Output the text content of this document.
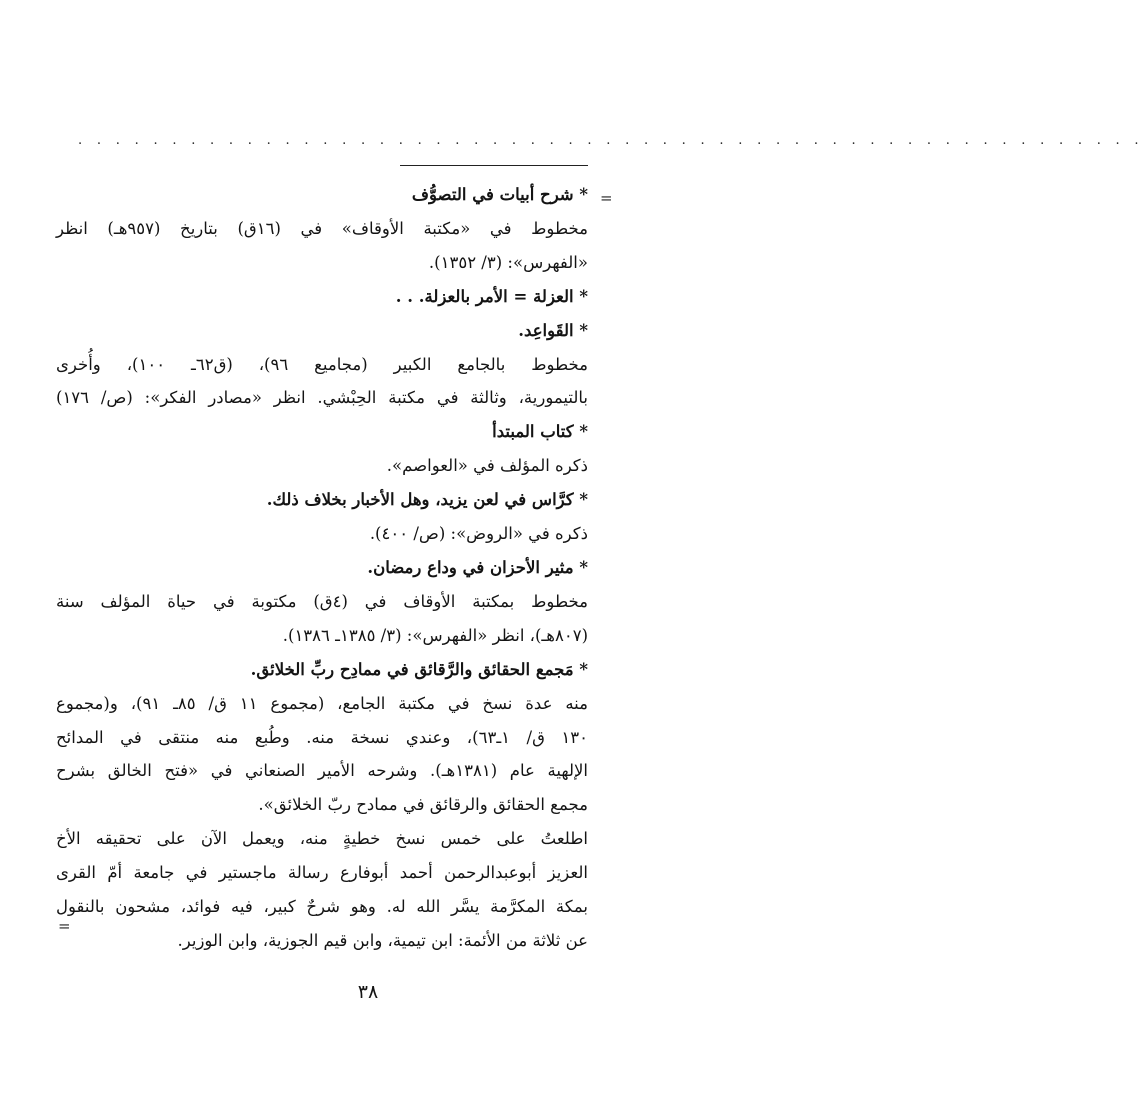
. . . . . . . . . . . . . . . . . . . . . . . . . . . . . . . . . . . . . . . . . . . . . . . . . . . . . . . . .
=
* شرح أبيات في التصوُّف
مخطوط في «مكتبة الأوقاف» في (١٦ق) بتاريخ (٩٥٧هـ) انظر
«الفهرس»: (٣/ ١٣٥٢).
* العزلة = الأمر بالعزلة. . .
* القَواعِد.
مخطوط بالجامع الكبير (مجاميع ٩٦)، (ق٦٢ـ ١٠٠)، وأُخرى
بالتيمورية، وثالثة في مكتبة الحِبْشي. انظر «مصادر الفكر»: (ص/ ١٧٦)
* كتاب المبتدأ
ذكره المؤلف في «العواصم».
* كرَّاس في لعن يزيد، وهل الأخبار بخلاف ذلك.
ذكره في «الروض»: (ص/ ٤٠٠).
* مثير الأحزان في وداع رمضان.
مخطوط بمكتبة الأوقاف في (٤ق) مكتوبة في حياة المؤلف سنة
(٨٠٧هـ)، انظر «الفهرس»: (٣/ ١٣٨٥ـ ١٣٨٦).
* مَجمع الحقائق والرَّقائق في ممادِح ربِّ الخلائق.
منه عدة نسخ في مكتبة الجامع، (مجموع ١١ ق/ ٨٥ـ ٩١)، و(مجموع
١٣٠ ق/ ١ـ٦٣)، وعندي نسخة منه. وطُبع منه منتقى في المدائح
الإلهية عام (١٣٨١هـ). وشرحه الأمير الصنعاني في «فتح الخالق بشرح
مجمع الحقائق والرقائق في ممادح ربّ الخلائق».
اطلعتُ على خمس نسخ خطيةٍ منه، ويعمل الآن على تحقيقه الأخ
العزيز أبوعبدالرحمن أحمد أبوفارع رسالة ماجستير في جامعة أمّ القرى
بمكة المكرَّمة يسَّر الله له. وهو شرحٌ كبير، فيه فوائد، مشحون بالنقول
عن ثلاثة من الأئمة: ابن تيمية، وابن قيم الجوزية، وابن الوزير.
=
٣٨
